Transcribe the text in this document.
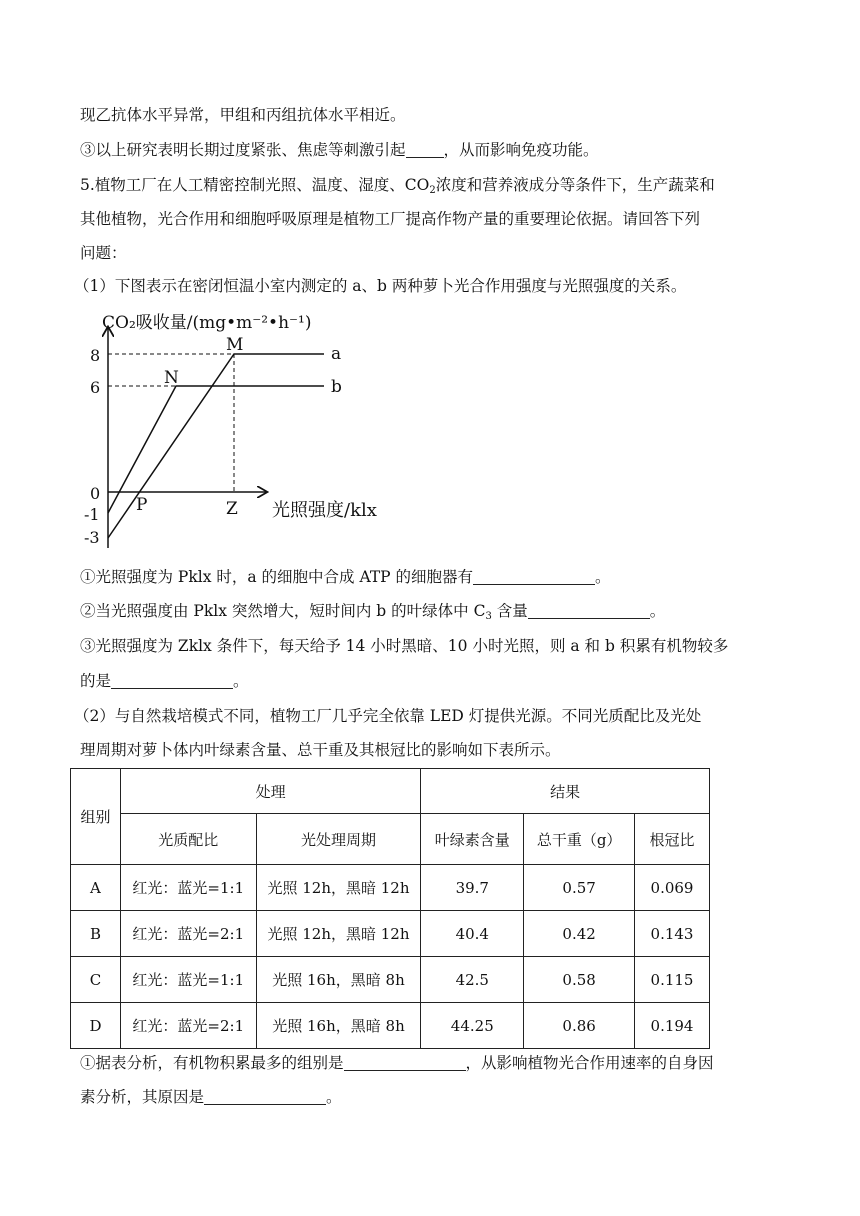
现乙抗体水平异常，甲组和丙组抗体水平相近。
③以上研究表明长期过度紧张、焦虑等刺激引起 ，从而影响免疫功能。
5.植物工厂在人工精密控制光照、温度、湿度、$CO_2$浓度和营养液成分等条件下，生产蔬菜和
其他植物，光合作用和细胞呼吸原理是植物工厂提高作物产量的重要理论依据。请回答下列
问题：
（1）下图表示在密闭恒温小室内测定的 a、b 两种萝卜光合作用强度与光照强度的关系。
CO₂吸收量/(mg•m⁻²•h⁻¹)
光照强度/klx
8
6
0
-1
-3
M
N
P	Z
a
b
①光照强度为 Pklx 时，a 的细胞中合成 ATP 的细胞器有	。
②当光照强度由 Pklx 突然增大，短时间内 b 的叶绿体中 $C_3$ 含量	。
③光照强度为 Zklx 条件下，每天给予 14 小时黑暗、10 小时光照，则 a 和 b 积累有机物较多
的是	。
（2）与自然栽培模式不同，植物工厂几乎完全依靠 LED 灯提供光源。不同光质配比及光处
理周期对萝卜体内叶绿素含量、总干重及其根冠比的影响如下表所示。
组别	处理		结果		
	光质配比	光处理周期	叶绿素含量	总干重（g）	根冠比
A	红光：蓝光=1:1	光照 12h，黑暗 12h	39.7	0.57	0.069
B	红光：蓝光=2:1	光照 12h，黑暗 12h	40.4	0.42	0.143
C	红光：蓝光=1:1	光照 16h，黑暗 8h	42.5	0.58	0.115
D	红光：蓝光=2:1	光照 16h，黑暗 8h	44.25	0.86	0.194
①据表分析，有机物积累最多的组别是	，从影响植物光合作用速率的自身因
素分析，其原因是	。
